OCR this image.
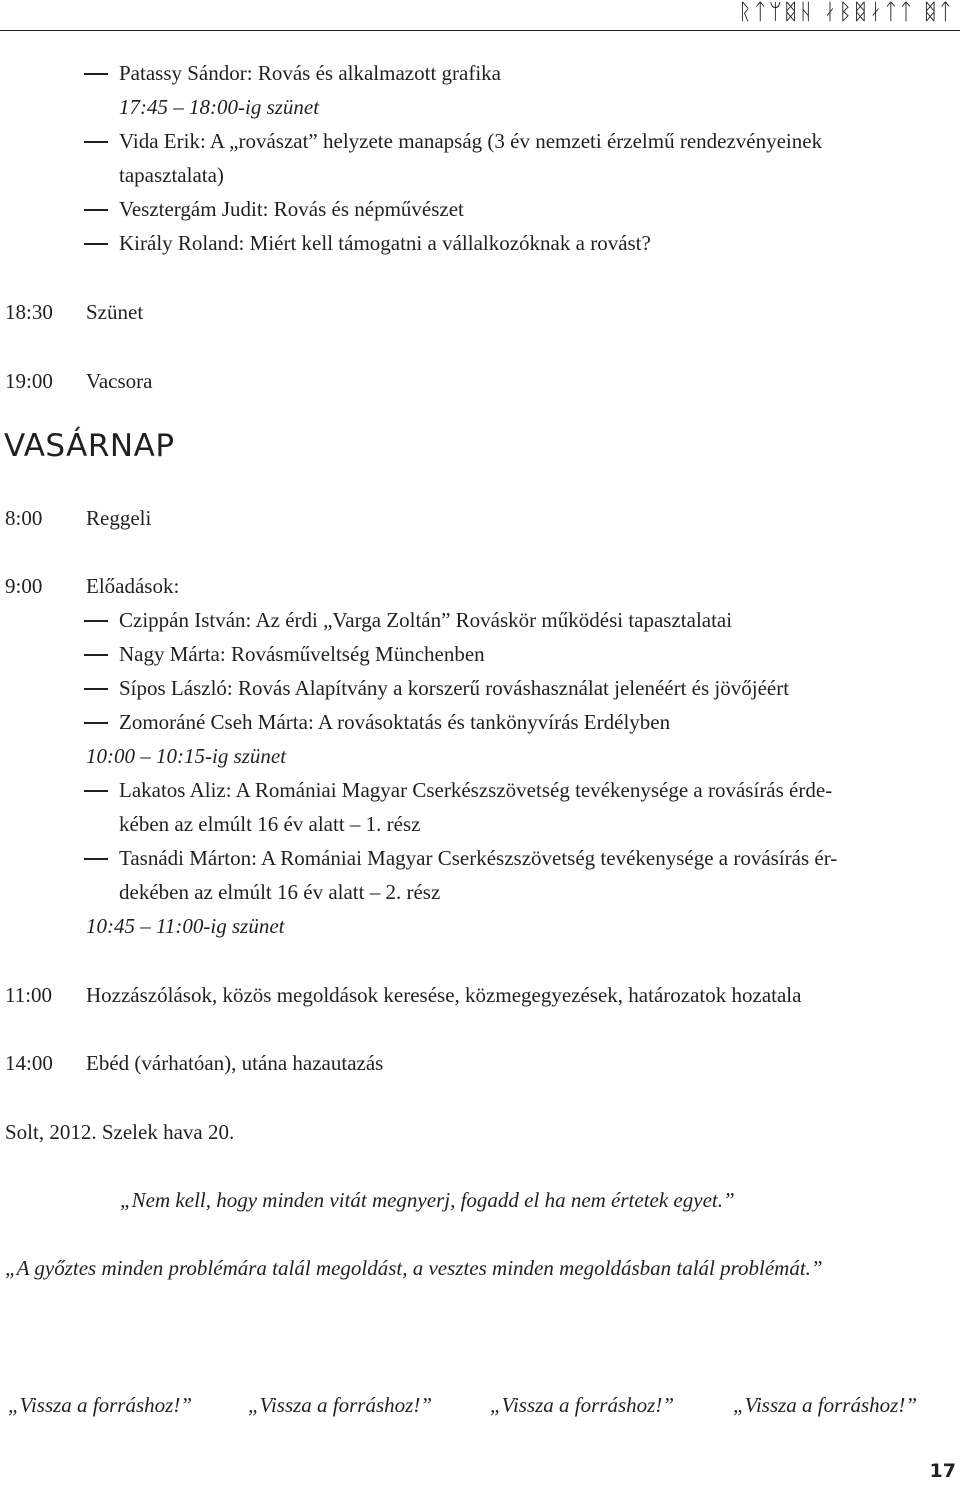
ᚱᛏᛘᛥᚺ ᛅᛒᛥᛅᛏᛏ ᛥᛏ
Patassy Sándor: Rovás és alkalmazott grafika
17:45 – 18:00-ig szünet
Vida Erik: A „rovászat” helyzete manapság (3 év nemzeti érzelmű rendezvényeinek
tapasztalata)
Vesztergám Judit: Rovás és népművészet
Király Roland: Miért kell támogatni a vállalkozóknak a rovást?
18:30 Szünet
19:00 Vacsora
VASÁRNAP
8:00 Reggeli
9:00 Előadások:
Czippán István: Az érdi „Varga Zoltán” Rováskör működési tapasztalatai
Nagy Márta: Rovásműveltség Münchenben
Sípos László: Rovás Alapítvány a korszerű rováshasználat jelenéért és jövőjéért
Zomoráné Cseh Márta: A rovásoktatás és tankönyvírás Erdélyben
10:00 – 10:15-ig szünet
Lakatos Aliz: A Romániai Magyar Cserkészszövetség tevékenysége a rovásírás érde-
kében az elmúlt 16 év alatt – 1. rész
Tasnádi Márton: A Romániai Magyar Cserkészszövetség tevékenysége a rovásírás ér-
dekében az elmúlt 16 év alatt – 2. rész
10:45 – 11:00-ig szünet
11:00 Hozzászólások, közös megoldások keresése, közmegegyezések, határozatok hozatala
14:00 Ebéd (várhatóan), utána hazautazás
Solt, 2012. Szelek hava 20.
„Nem kell, hogy minden vitát megnyerj, fogadd el ha nem értetek egyet.”
„A győztes minden problémára talál megoldást, a vesztes minden megoldásban talál problémát.”
„Vissza a forráshoz!”	„Vissza a forráshoz!”	„Vissza a forráshoz!”	„Vissza a forráshoz!”
17
